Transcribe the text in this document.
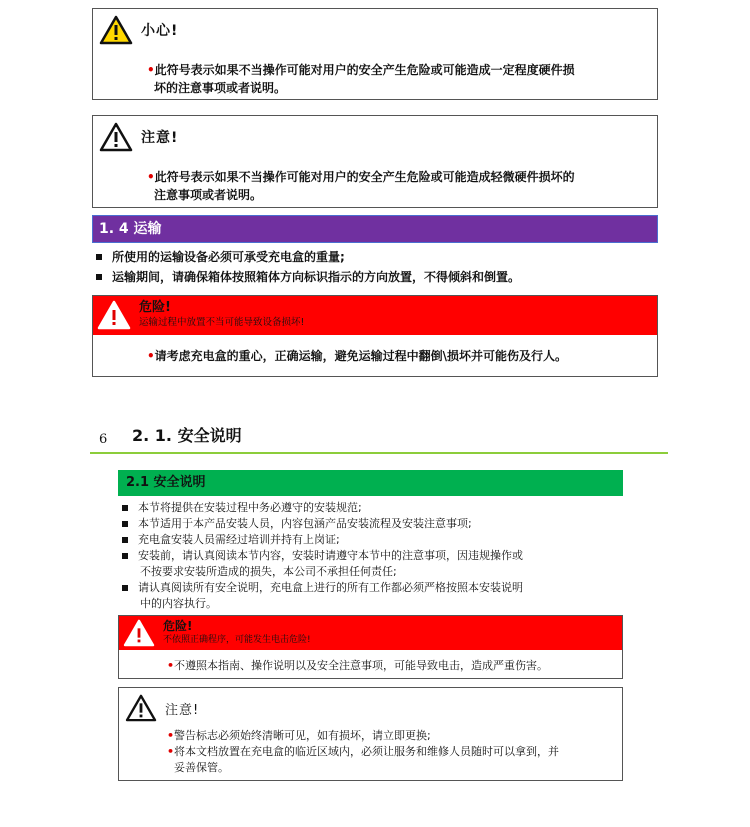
小心!
•此符号表示如果不当操作可能对用户的安全产生危险或可能造成一定程度硬件损
坏的注意事项或者说明。
注意!
•此符号表示如果不当操作可能对用户的安全产生危险或可能造成轻微硬件损坏的
注意事项或者说明。
1. 4 运输
所使用的运输设备必须可承受充电盒的重量;
运输期间，请确保箱体按照箱体方向标识指示的方向放置，不得倾斜和倒置。
危险!
运输过程中放置不当可能导致设备损坏!
•请考虑充电盒的重心，正确运输，避免运输过程中翻倒\损坏并可能伤及行人。
6 2. 1. 安全说明
2.1 安全说明
本节将提供在安装过程中务必遵守的安装规范;
本节适用于本产品安装人员，内容包涵产品安装流程及安装注意事项;
充电盒安装人员需经过培训并持有上岗证;
安装前，请认真阅读本节内容，安装时请遵守本节中的注意事项，因违规操作或
不按要求安装所造成的损失，本公司不承担任何责任;
请认真阅读所有安全说明，充电盒上进行的所有工作都必须严格按照本安装说明
中的内容执行。
危险!
不依照正确程序，可能发生电击危险!
•不遵照本指南、操作说明以及安全注意事项，可能导致电击，造成严重伤害。
注意!
•警告标志必须始终清晰可见，如有损坏，请立即更换;
•将本文档放置在充电盒的临近区域内，必须让服务和维修人员随时可以拿到，并
妥善保管。
